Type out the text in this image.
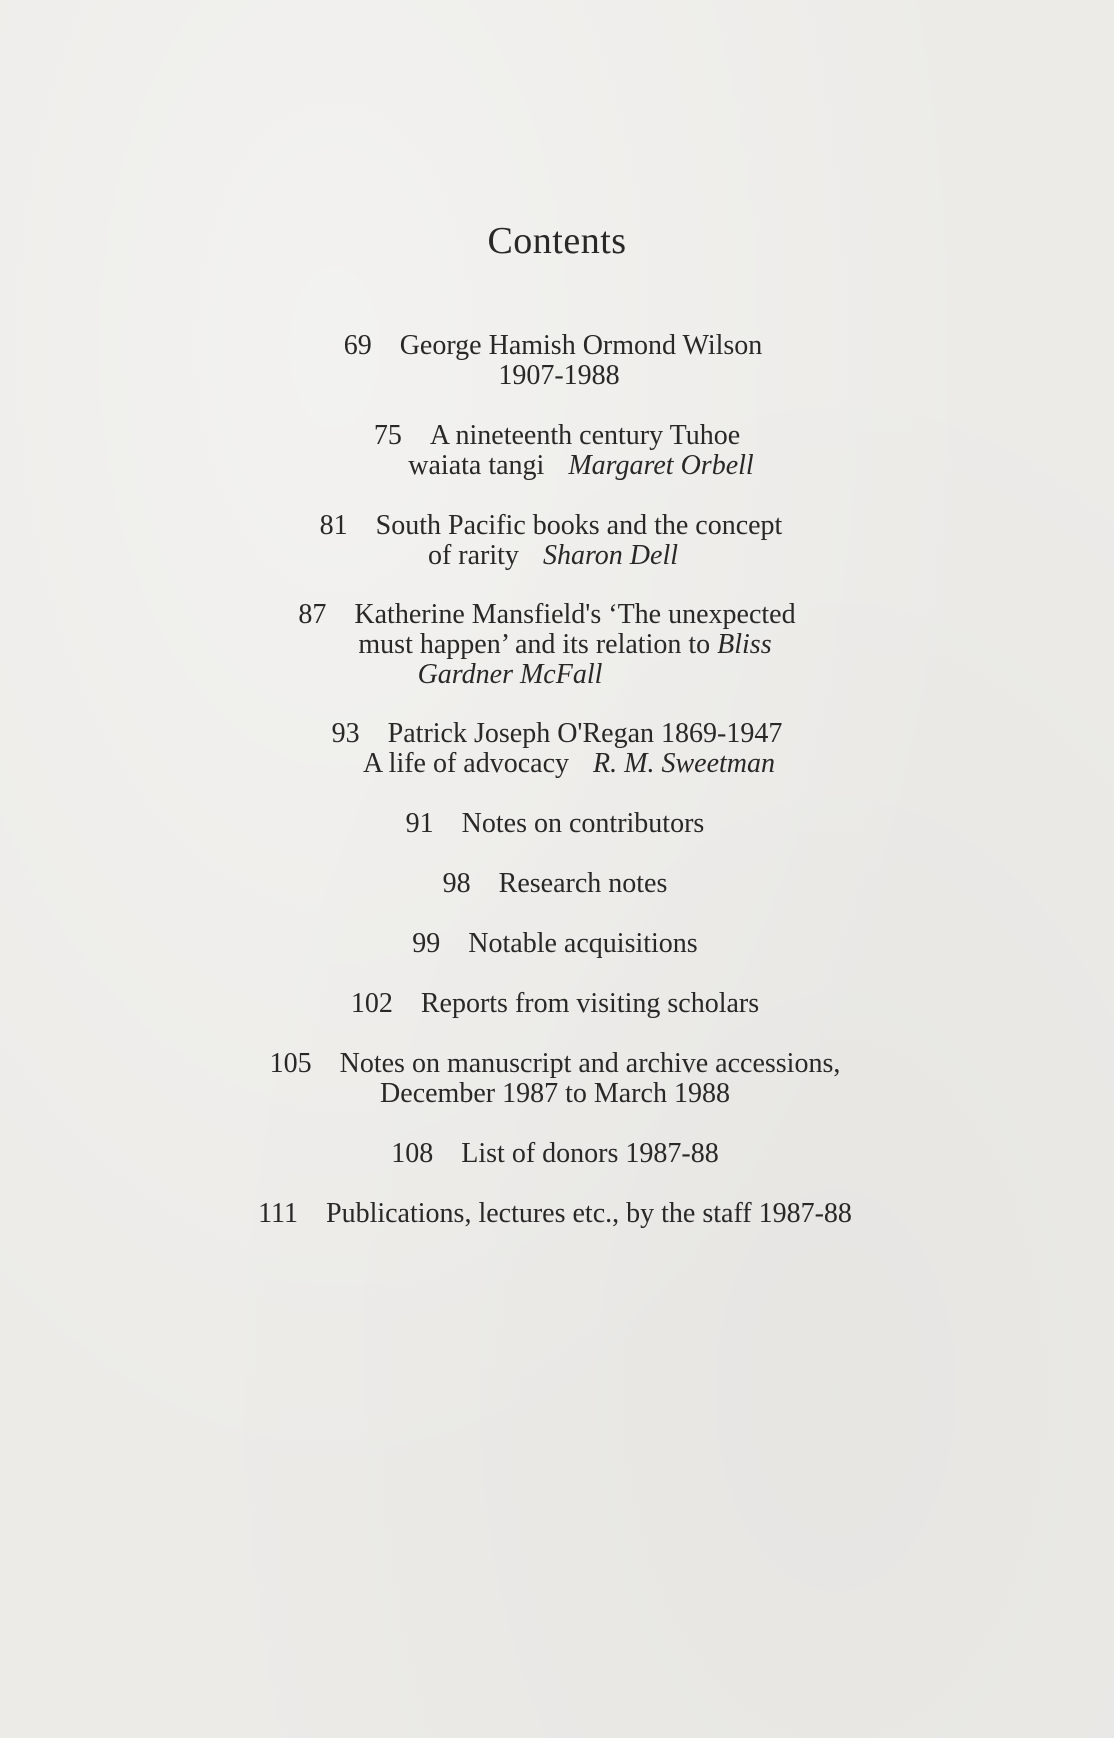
Contents
69 George Hamish Ormond Wilson
1907-1988
75 A nineteenth century Tuhoe
waiata tangi Margaret Orbell
81 South Pacific books and the concept
of rarity Sharon Dell
87 Katherine Mansfield's ‘The unexpected
must happen’ and its relation to Bliss
Gardner McFall
93 Patrick Joseph O'Regan 1869-1947
A life of advocacy R. M. Sweetman
91 Notes on contributors
98 Research notes
99 Notable acquisitions
102 Reports from visiting scholars
105 Notes on manuscript and archive accessions,
December 1987 to March 1988
108 List of donors 1987-88
111 Publications, lectures etc., by the staff 1987-88
